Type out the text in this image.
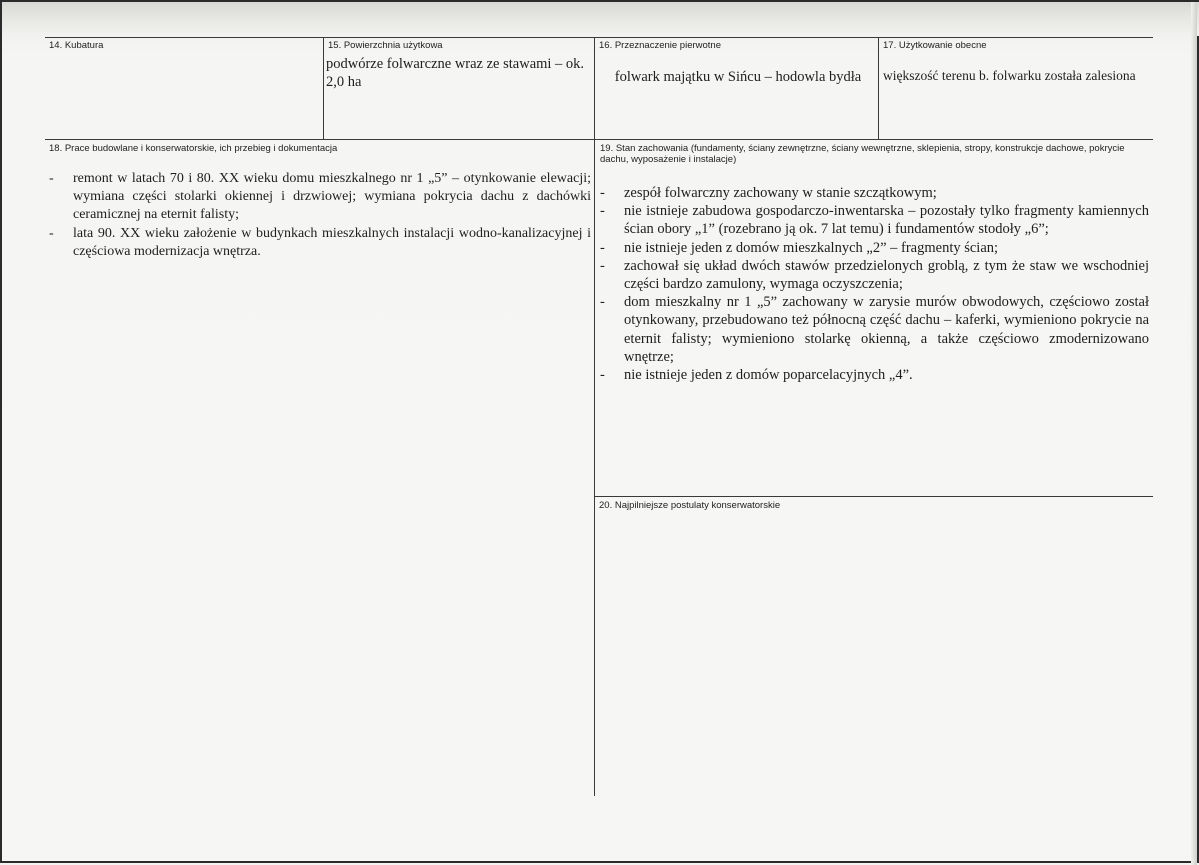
14. Kubatura	15. Powierzchnia użytkowa
podwórze folwarczne wraz ze stawami – ok. 2,0 ha
16. Przeznaczenie pierwotne
folwark majątku w Sińcu – hodowla bydła
17. Użytkowanie obecne
większość terenu b. folwarku została zalesiona
18. Prace budowlane i konserwatorskie, ich przebieg i dokumentacja
- remont w latach 70 i 80. XX wieku domu mieszkalnego nr 1 „5” – otynkowanie elewacji; wymiana części stolarki okiennej i drzwiowej; wymiana pokrycia dachu z dachówki ceramicznej na eternit falisty;
- lata 90. XX wieku założenie w budynkach mieszkalnych instalacji wodno-kanalizacyjnej i częściowa modernizacja wnętrza.
19. Stan zachowania (fundamenty, ściany zewnętrzne, ściany wewnętrzne, sklepienia, stropy, konstrukcje dachowe, pokrycie dachu, wyposażenie i instalacje)
- zespół folwarczny zachowany w stanie szczątkowym;
- nie istnieje zabudowa gospodarczo-inwentarska – pozostały tylko fragmenty kamiennych ścian obory „1” (rozebrano ją ok. 7 lat temu) i fundamentów stodoły „6”;
- nie istnieje jeden z domów mieszkalnych „2” – fragmenty ścian;
- zachował się układ dwóch stawów przedzielonych groblą, z tym że staw we wschodniej części bardzo zamulony, wymaga oczyszczenia;
- dom mieszkalny nr 1 „5” zachowany w zarysie murów obwodowych, częściowo został otynkowany, przebudowano też północną część dachu – kaferki, wymieniono pokrycie na eternit falisty; wymieniono stolarkę okienną, a także częściowo zmodernizowano wnętrze;
- nie istnieje jeden z domów poparcelacyjnych „4”.
20. Najpilniejsze postulaty konserwatorskie
